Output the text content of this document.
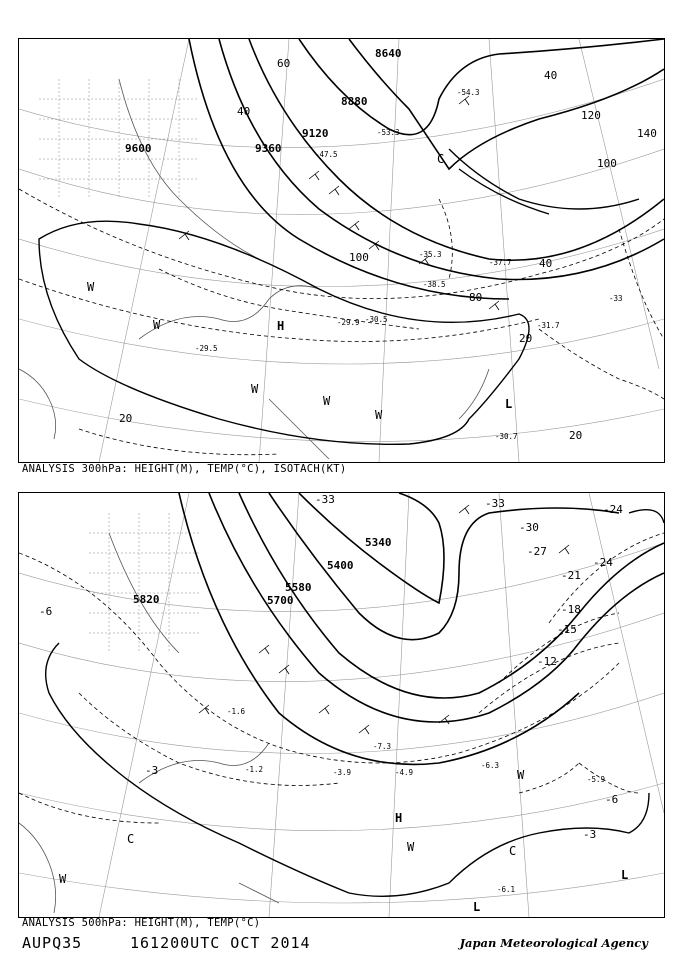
8640
8880
9120
9360
9600
20
20
20
40
40
40
60
80
100
100
120
140
-30.7
-30.5
-31.7
-29.9
-29.5
-33
-35.3
-37.7
-38.5
-47.5
-53.3
-54.3
H
L
W
W
W
W
W
C
ANALYSIS 300hPa: HEIGHT(M), TEMP(°C), ISOTACH(KT)
5340
5400
5580
5700
5820
-3
-3
-6
-6
-12
-15
-18
-21
-24
-24
-27
-30
-33
-33
-3.9	-4.9
-6.3
-5.9
-6.1
-7.3
-1.6
-1.2
H
L
L
W
W
W
C
C
ANALYSIS 500hPa: HEIGHT(M), TEMP(°C)
AUPQ35	161200UTC OCT 2014	Japan Meteorological Agency
